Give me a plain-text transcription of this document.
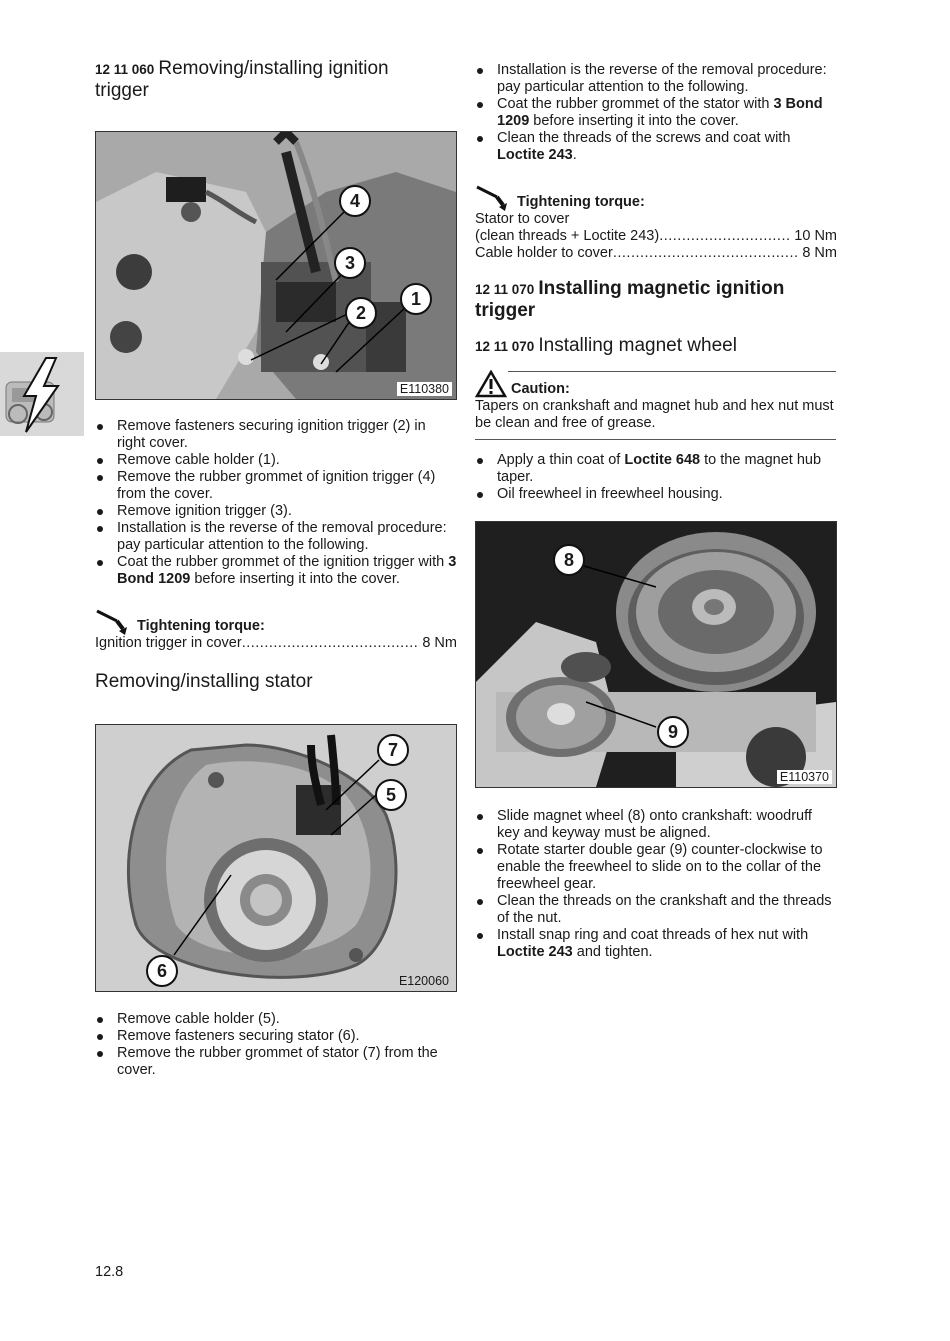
12 11 060 Removing/installing ignition
trigger
4
3
2
1
E110380
Remove fasteners securing ignition trigger (2) in right cover.
Remove cable holder (1).
Remove the rubber grommet of ignition trigger (4) from the cover.
Remove ignition trigger (3).
Installation is the reverse of the removal procedure: pay particular attention to the following.
Coat the rubber grommet of the ignition trigger with 3 Bond 1209 before inserting it into the cover.
Tightening torque:
Ignition trigger in cover .....	8 Nm
Removing/installing stator
7
5
6	E120060
Remove cable holder (5).
Remove fasteners securing stator (6).
Remove the rubber grommet of stator (7) from the cover.
12.8
Installation is the reverse of the removal procedure: pay particular attention to the following.
Coat the rubber grommet of the stator with 3 Bond 1209 before inserting it into the cover.
Clean the threads of the screws and coat with Loctite 243.
Tightening torque:
Stator to cover
(clean threads + Loctite 243) .....	10 Nm
Cable holder to cover .....	8 Nm
12 11 070 Installing magnetic ignition
trigger
12 11 070 Installing magnet wheel
Caution:
Tapers on crankshaft and magnet hub and hex nut must be clean and free of grease.
Apply a thin coat of Loctite 648 to the magnet hub taper.
Oil freewheel in freewheel housing.
8
9
E110370
Slide magnet wheel (8) onto crankshaft: woodruff key and keyway must be aligned.
Rotate starter double gear (9) counter-clockwise to enable the freewheel to slide on to the collar of the freewheel gear.
Clean the threads on the crankshaft and the threads of the nut.
Install snap ring and coat threads of hex nut with Loctite 243 and tighten.
